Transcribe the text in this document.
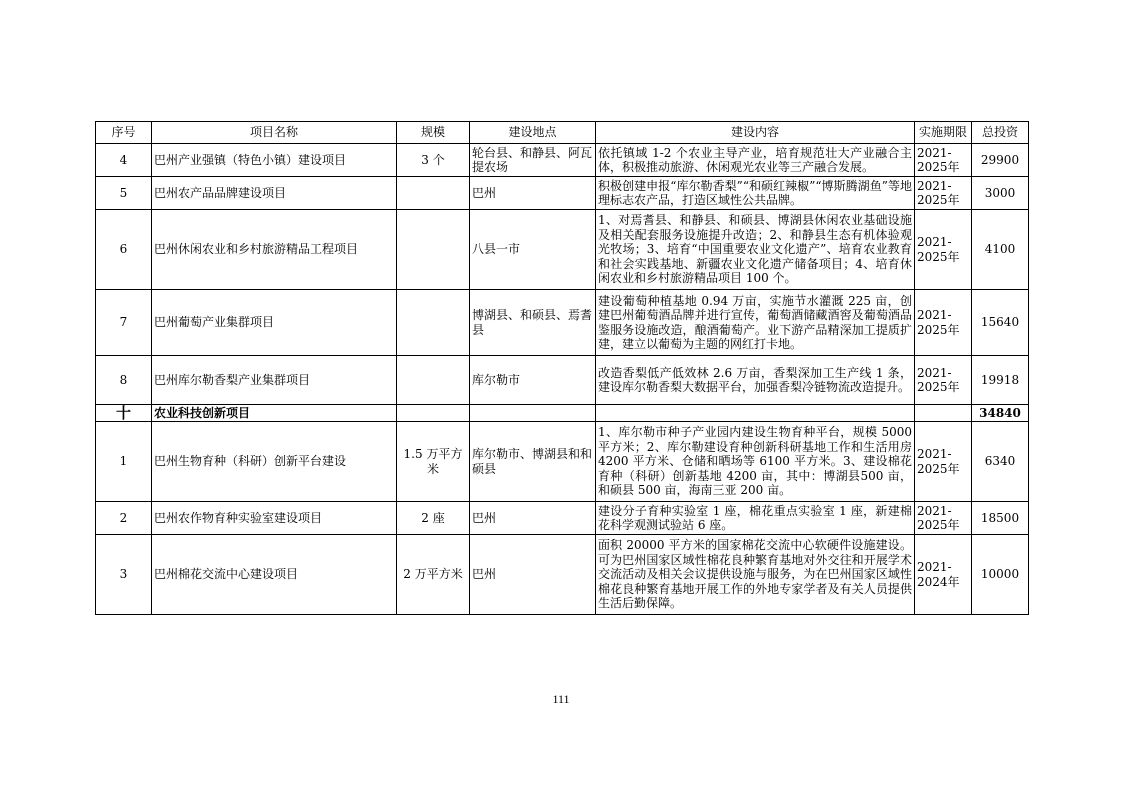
序号	项目名称	规模	建设地点	建设内容	实施期限	总投资
4	巴州产业强镇（特色小镇）建设项目	3 个	轮台县、和静县、阿瓦提农场	依托镇域 1-2 个农业主导产业，培育规范壮大产业融合主体，积极推动旅游、休闲观光农业等三产融合发展。	2021-2025年	29900
5	巴州农产品品牌建设项目		巴州	积极创建申报“库尔勒香梨”“和硕红辣椒”“博斯腾湖鱼”等地理标志农产品，打造区域性公共品牌。	2021-2025年	3000
6	巴州休闲农业和乡村旅游精品工程项目		八县一市	1、对焉耆县、和静县、和硕县、博湖县休闲农业基础设施及相关配套服务设施提升改造；2、和静县生态有机体验观光牧场；3、培育“中国重要农业文化遗产”、培育农业教育和社会实践基地、新疆农业文化遗产储备项目；4、培育休闲农业和乡村旅游精品项目 100 个。	2021-2025年	4100
7	巴州葡萄产业集群项目		博湖县、和硕县、焉耆县	建设葡萄种植基地 0.94 万亩，实施节水灌溉 225 亩，创建巴州葡萄酒品牌并进行宣传，葡萄酒储藏酒窖及葡萄酒品鉴服务设施改造，酿酒葡萄产。业下游产品精深加工提质扩建，建立以葡萄为主题的网红打卡地。	2021-2025年	15640
8	巴州库尔勒香梨产业集群项目		库尔勒市	改造香梨低产低效林 2.6 万亩，香梨深加工生产线 1 条，建设库尔勒香梨大数据平台，加强香梨冷链物流改造提升。	2021-2025年	19918
十	农业科技创新项目					34840
1	巴州生物育种（科研）创新平台建设	1.5 万平方米	库尔勒市、博湖县和和硕县	1、库尔勒市种子产业园内建设生物育种平台，规模 5000平方米；2、库尔勒建设育种创新科研基地工作和生活用房 4200 平方米、仓储和晒场等 6100 平方米。3、建设棉花育种（科研）创新基地 4200 亩，其中：博湖县500 亩，和硕县 500 亩，海南三亚 200 亩。	2021-2025年	6340
2	巴州农作物育种实验室建设项目	2 座	巴州	建设分子育种实验室 1 座，棉花重点实验室 1 座，新建棉花科学观测试验站 6 座。	2021-2025年	18500
3	巴州棉花交流中心建设项目	2 万平方米	巴州	面积 20000 平方米的国家棉花交流中心软硬件设施建设。可为巴州国家区域性棉花良种繁育基地对外交往和开展学术交流活动及相关会议提供设施与服务，为在巴州国家区域性棉花良种繁育基地开展工作的外地专家学者及有关人员提供生活后勤保障。	2021-2024年	10000
111
